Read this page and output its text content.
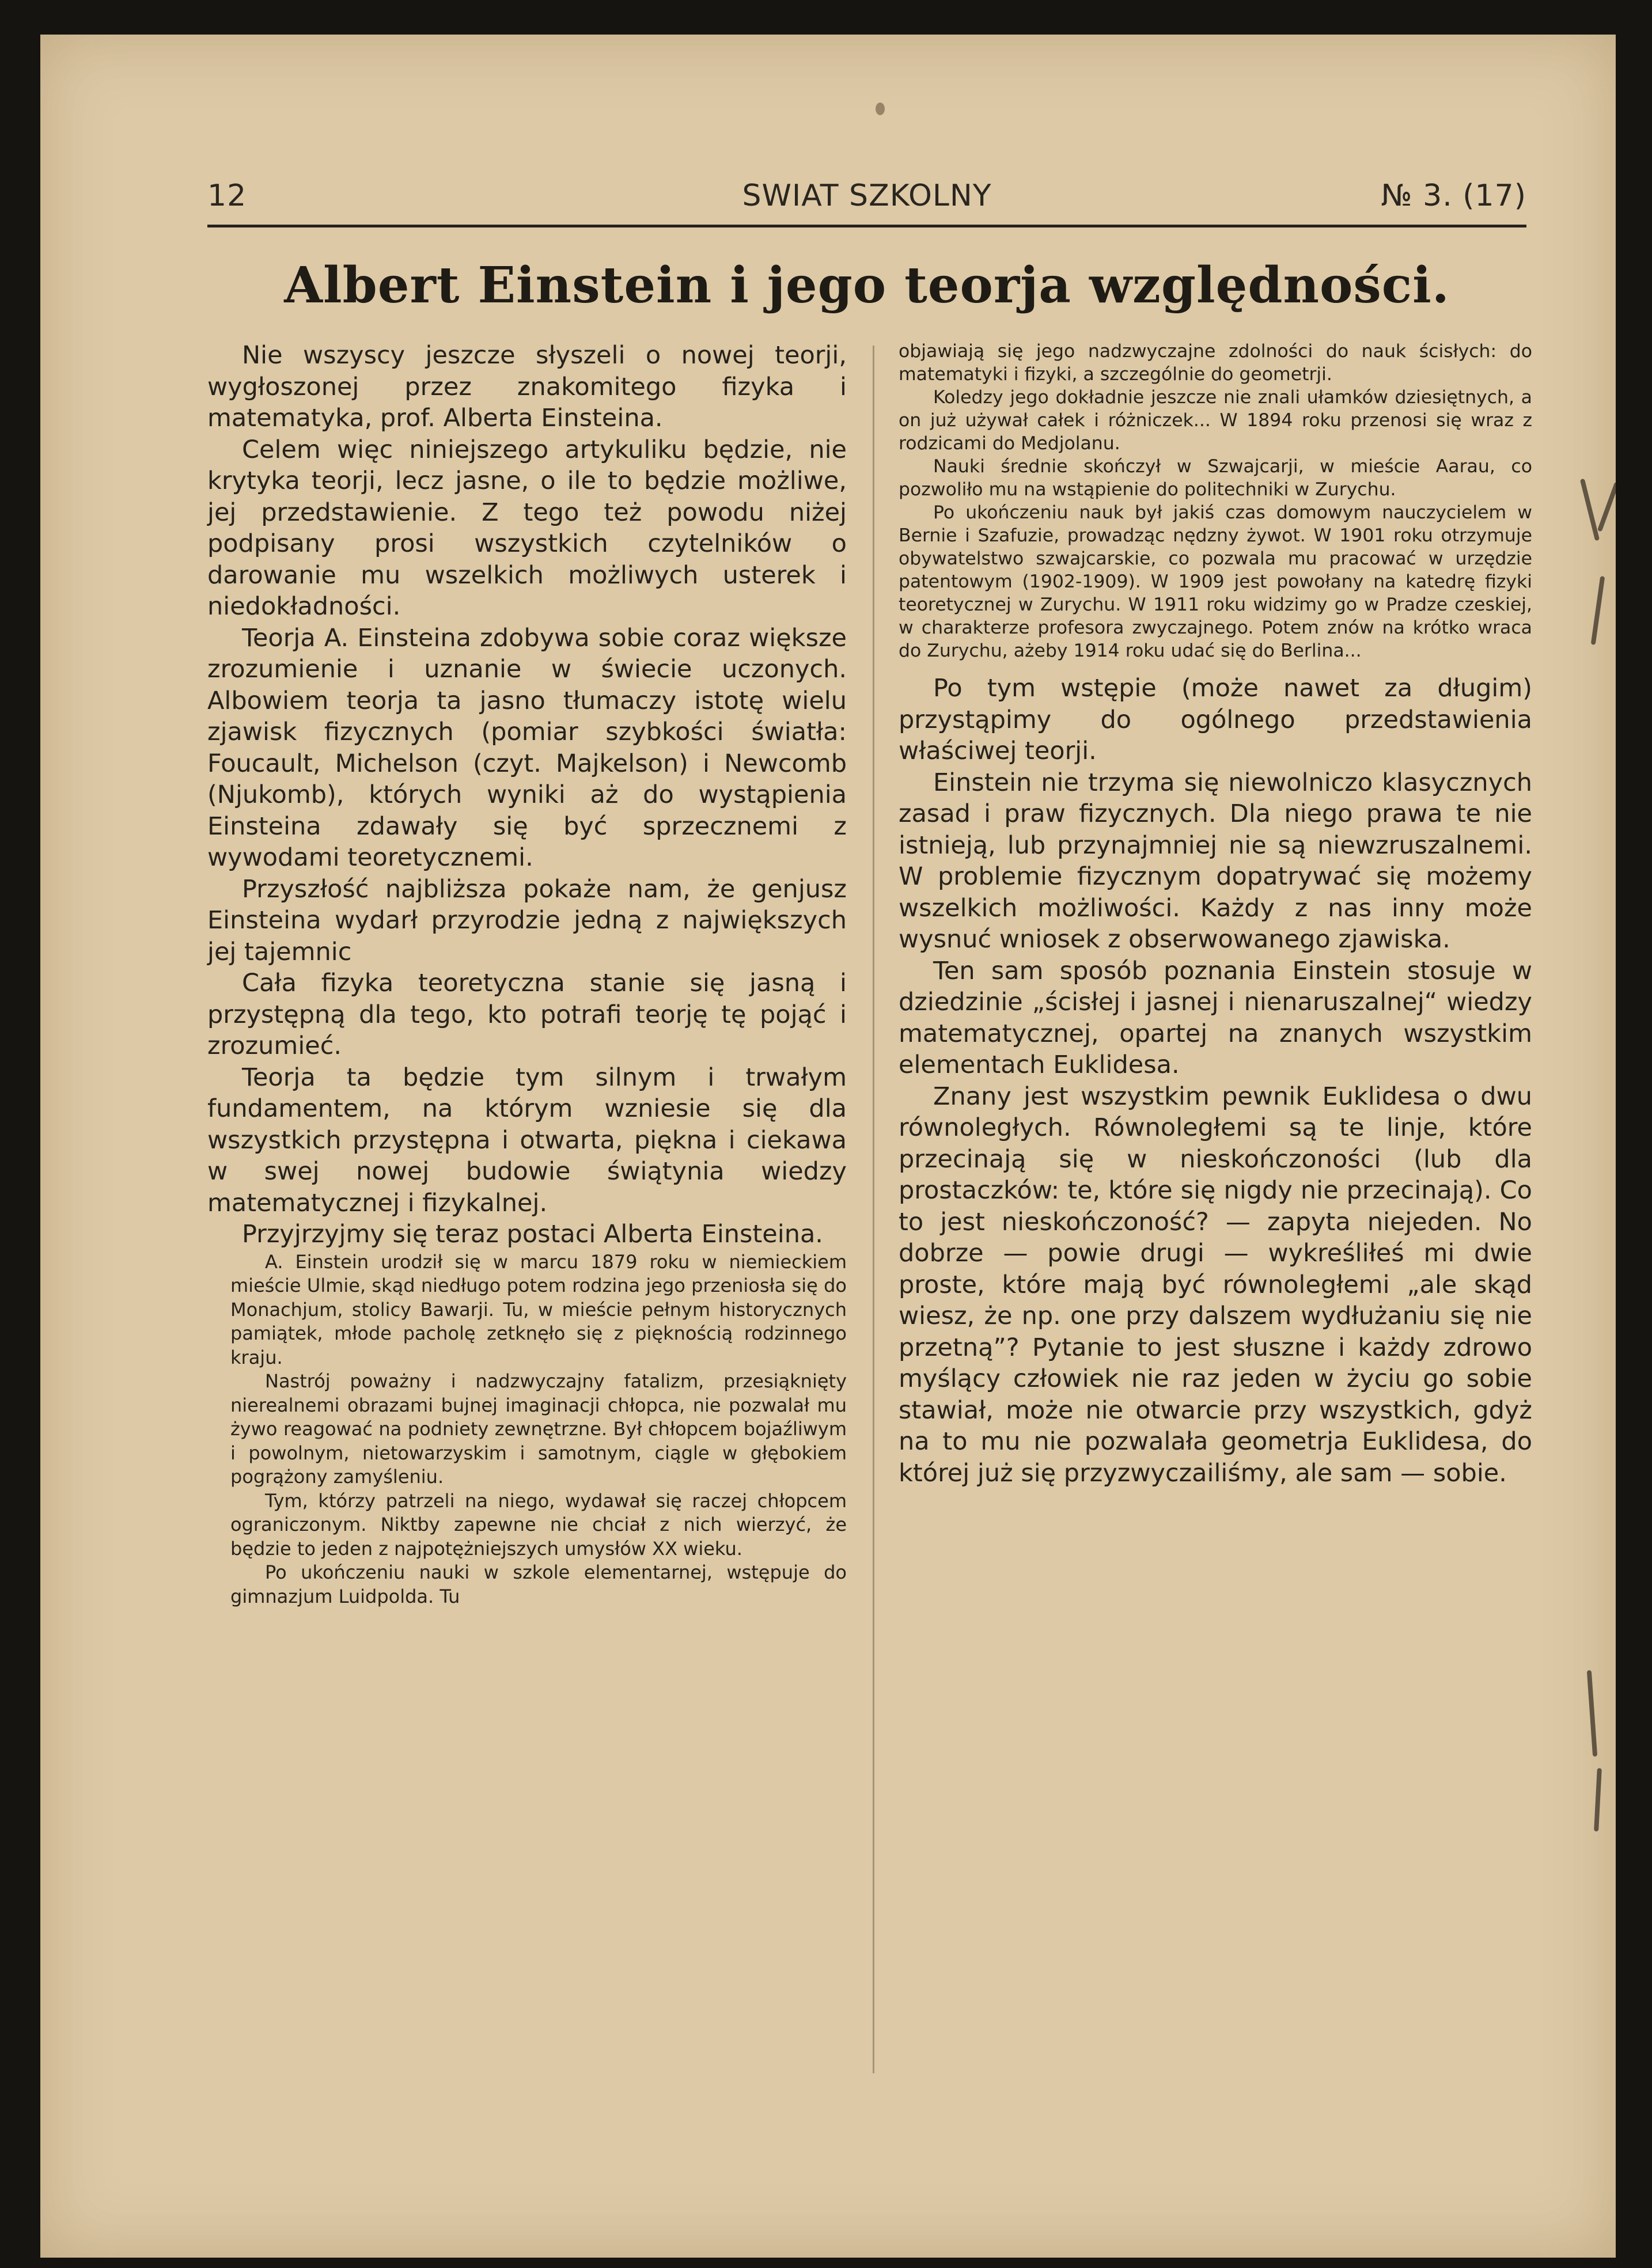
SWIAT SZKOLNY
12	№ 3. (17)
Albert Einstein i jego teorja względności.

Nie wszyscy jeszcze słyszeli o nowej teorji, wygłoszonej przez znakomitego fizyka i matematyka, prof. Alberta Einsteina.

Celem więc niniejszego artykuliku będzie, nie krytyka teorji, lecz jasne, o ile to będzie możliwe, jej przedstawienie. Z tego też powodu niżej podpisany prosi wszystkich czytelników o darowanie mu wszelkich możliwych usterek i niedokładności.

Teorja A. Einsteina zdobywa sobie coraz większe zrozumienie i uznanie w świecie uczonych. Albowiem teorja ta jasno tłumaczy istotę wielu zjawisk fizycznych (pomiar szybkości światła: Foucault, Michelson (czyt. Majkelson) i Newcomb (Njukomb), których wyniki aż do wystąpienia Einsteina zdawały się być sprzecznemi z wywodami teoretycznemi.

Przyszłość najbliższa pokaże nam, że genjusz Einsteina wydarł przyrodzie jedną z największych jej tajemnic

Cała fizyka teoretyczna stanie się jasną i przystępną dla tego, kto potrafi teorję tę pojąć i zrozumieć.

Teorja ta będzie tym silnym i trwałym fundamentem, na którym wzniesie się dla wszystkich przystępna i otwarta, piękna i ciekawa w swej nowej budowie świątynia wiedzy matematycznej i fizykalnej.

Przyjrzyjmy się teraz postaci Alberta Einsteina.

A. Einstein urodził się w marcu 1879 roku w niemieckiem mieście Ulmie, skąd niedługo potem rodzina jego przeniosła się do Monachjum, stolicy Bawarji. Tu, w mieście pełnym historycznych pamiątek, młode pacholę zetknęło się z pięknością rodzinnego kraju.

Nastrój poważny i nadzwyczajny fatalizm, przesiąknięty nierealnemi obrazami bujnej imaginacji chłopca, nie pozwalał mu żywo reagować na podniety zewnętrzne. Był chłopcem bojaźliwym i powolnym, nietowarzyskim i samotnym, ciągle w głębokiem pogrążony zamyśleniu.

Tym, którzy patrzeli na niego, wydawał się raczej chłopcem ograniczonym. Niktby zapewne nie chciał z nich wierzyć, że będzie to jeden z najpotężniejszych umysłów XX wieku.

Po ukończeniu nauki w szkole elementarnej, wstępuje do gimnazjum Luidpolda. Tu

objawiają się jego nadzwyczajne zdolności do nauk ścisłych: do matematyki i fizyki, a szczególnie do geometrji.

Koledzy jego dokładnie jeszcze nie znali ułamków dziesiętnych, a on już używał całek i różniczek... W 1894 roku przenosi się wraz z rodzicami do Medjolanu.

Nauki średnie skończył w Szwajcarji, w mieście Aarau, co pozwoliło mu na wstąpienie do politechniki w Zurychu.

Po ukończeniu nauk był jakiś czas domowym nauczycielem w Bernie i Szafuzie, prowadząc nędzny żywot. W 1901 roku otrzymuje obywatelstwo szwajcarskie, co pozwala mu pracować w urzędzie patentowym (1902-1909). W 1909 jest powołany na katedrę fizyki teoretycznej w Zurychu. W 1911 roku widzimy go w Pradze czeskiej, w charakterze profesora zwyczajnego. Potem znów na krótko wraca do Zurychu, ażeby 1914 roku udać się do Berlina...

Po tym wstępie (może nawet za długim) przystąpimy do ogólnego przedstawienia właściwej teorji.

Einstein nie trzyma się niewolniczo klasycznych zasad i praw fizycznych. Dla niego prawa te nie istnieją, lub przynajmniej nie są niewzruszalnemi. W problemie fizycznym dopatrywać się możemy wszelkich możliwości. Każdy z nas inny może wysnuć wniosek z obserwowanego zjawiska.

Ten sam sposób poznania Einstein stosuje w dziedzinie „ścisłej i jasnej i nienaruszalnej“ wiedzy matematycznej, opartej na znanych wszystkim elementach Euklidesa.

Znany jest wszystkim pewnik Euklidesa o dwu równoległych. Równoległemi są te linje, które przecinają się w nieskończoności (lub dla prostaczków: te, które się nigdy nie przecinają). Co to jest nieskończoność? — zapyta niejeden. No dobrze — powie drugi — wykreśliłeś mi dwie proste, które mają być równoległemi „ale skąd wiesz, że np. one przy dalszem wydłużaniu się nie przetną”? Pytanie to jest słuszne i każdy zdrowo myślący człowiek nie raz jeden w życiu go sobie stawiał, może nie otwarcie przy wszystkich, gdyż na to mu nie pozwalała geometrja Euklidesa, do której już się przyzwyczailiśmy, ale sam — sobie.
